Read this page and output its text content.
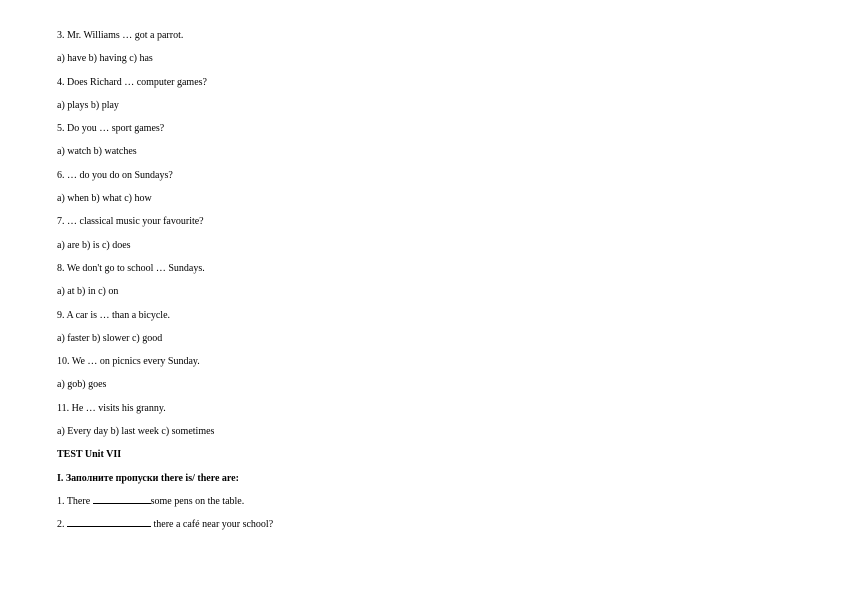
3. Mr. Williams … got a parrot.
a) have b) having c) has
4. Does Richard … computer games?
a) plays b) play
5. Do you … sport games?
a) watch b) watches
6. … do you do on Sundays?
a) when b) what c) how
7. … classical music your favourite?
a) are b) is c) does
8. We don't go to school … Sundays.
a) at b) in c) on
9. A car is … than a bicycle.
a) faster b) slower c) good
10. We … on picnics every Sunday.
a) gob) goes
11. He … visits his granny.
a) Every day b) last week c) sometimes
TEST Unit VII
I. Заполните пропуски there is/ there are:
1. There	some pens on the table.
2.	there a café near your school?
